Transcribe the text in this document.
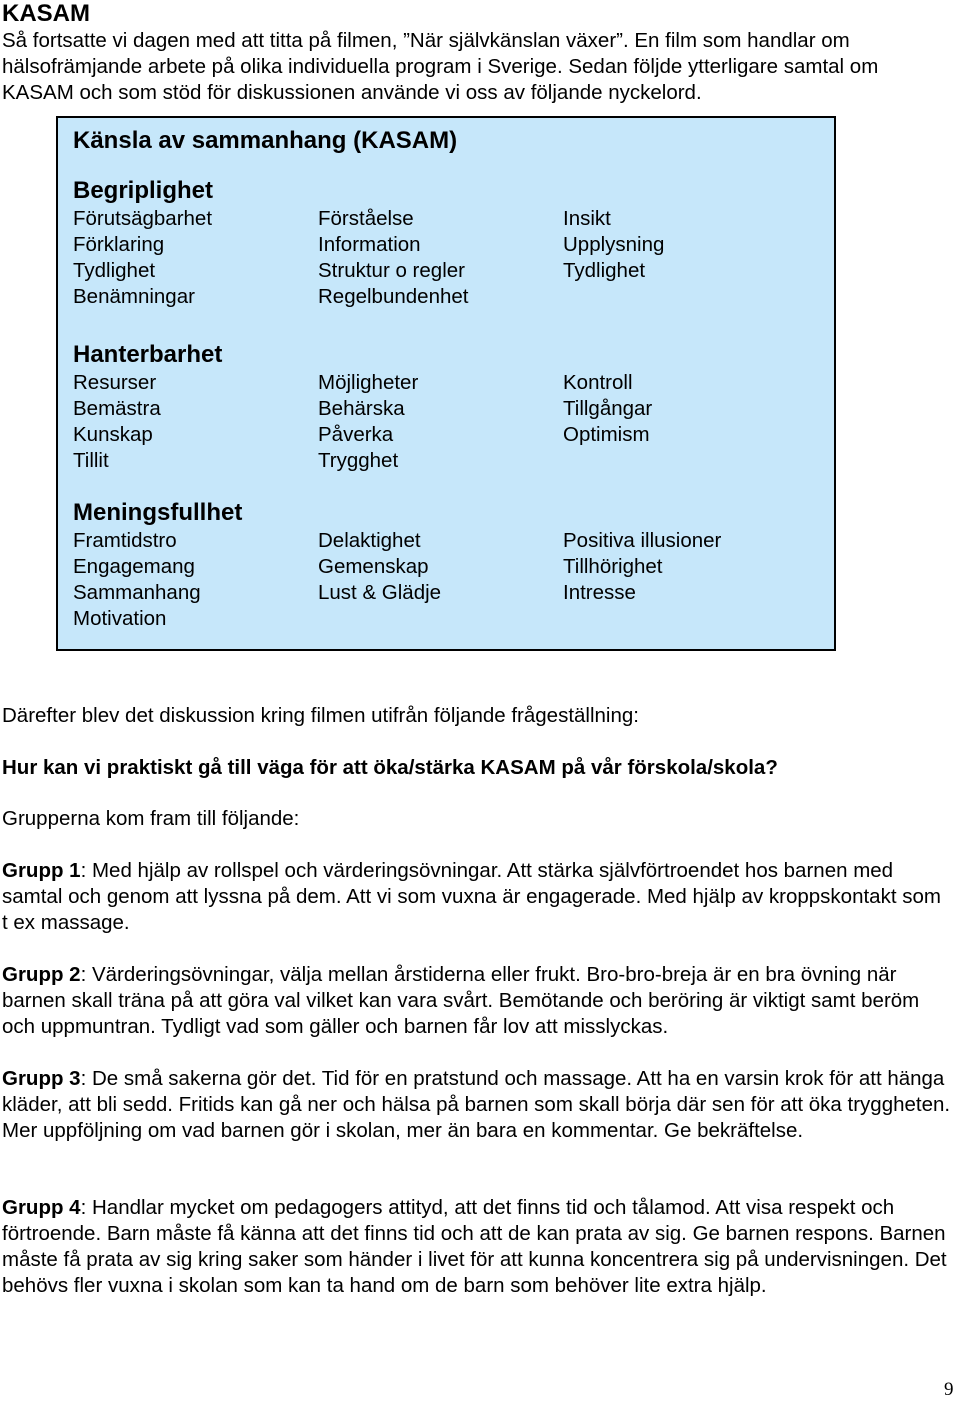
KASAM

Så fortsatte vi dagen med att titta på filmen, ”När självkänslan växer”. En film som handlar om hälsofrämjande arbete på olika individuella program i Sverige. Sedan följde ytterligare samtal om KASAM och som stöd för diskussionen använde vi oss av följande nyckelord.

Känsla av sammanhang (KASAM)
Begriplighet
Förutsägbarhet	Förståelse	Insikt
Förklaring	Information	Upplysning
Tydlighet	Struktur o regler	Tydlighet
Benämningar	Regelbundenhet
Hanterbarhet
Resurser	Möjligheter	Kontroll
Bemästra	Behärska	Tillgångar
Kunskap	Påverka	Optimism
Tillit	Trygghet
Meningsfullhet
Framtidstro	Delaktighet	Positiva illusioner
Engagemang	Gemenskap	Tillhörighet
Sammanhang	Lust & Glädje	Intresse
Motivation

Därefter blev det diskussion kring filmen utifrån följande frågeställning:

Hur kan vi praktiskt gå till väga för att öka/stärka KASAM på vår förskola/skola?

Grupperna kom fram till följande:

Grupp 1: Med hjälp av rollspel och värderingsövningar. Att stärka självförtroendet hos barnen med samtal och genom att lyssna på dem. Att vi som vuxna är engagerade. Med hjälp av kroppskontakt som t ex massage.

Grupp 2: Värderingsövningar, välja mellan årstiderna eller frukt. Bro-bro-breja är en bra övning när barnen skall träna på att göra val vilket kan vara svårt. Bemötande och beröring är viktigt samt beröm och uppmuntran. Tydligt vad som gäller och barnen får lov att misslyckas.

Grupp 3: De små sakerna gör det. Tid för en pratstund och massage. Att ha en varsin krok för att hänga kläder, att bli sedd. Fritids kan gå ner och hälsa på barnen som skall börja där sen för att öka tryggheten. Mer uppföljning om vad barnen gör i skolan, mer än bara en kommentar. Ge bekräftelse.

Grupp 4: Handlar mycket om pedagogers attityd, att det finns tid och tålamod. Att visa respekt och förtroende. Barn måste få känna att det finns tid och att de kan prata av sig. Ge barnen respons. Barnen måste få prata av sig kring saker som händer i livet för att kunna koncentrera sig på undervisningen. Det behövs fler vuxna i skolan som kan ta hand om de barn som behöver lite extra hjälp.

9
